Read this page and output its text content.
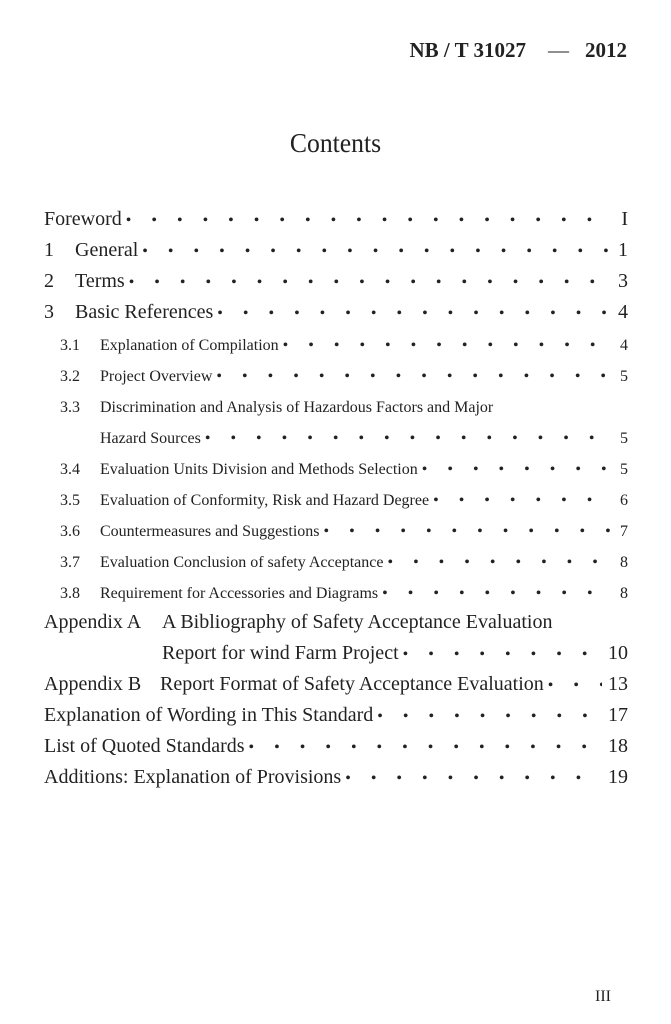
NB / T 31027 — 2012
Contents
Foreword • • •	I
1	General • • •	1
2	Terms • • •	3
3	Basic References • • •	4
3.1	Explanation of Compilation • • •	4
3.2	Project Overview • • •	5
3.3	Discrimination and Analysis of Hazardous Factors and Major
Hazard Sources • • •	5
3.4	Evaluation Units Division and Methods Selection • • •	5
3.5	Evaluation of Conformity, Risk and Hazard Degree • • •	6
3.6	Countermeasures and Suggestions • • •	7
3.7	Evaluation Conclusion of safety Acceptance • • •	8
3.8	Requirement for Accessories and Diagrams • • •	8
Appendix A	A Bibliography of Safety Acceptance Evaluation
Report for wind Farm Project • • •	10
Appendix B Report Format of Safety Acceptance Evaluation • • •	13
Explanation of Wording in This Standard • • •	17
List of Quoted Standards • • •	18
Additions: Explanation of Provisions • • •	19
III
